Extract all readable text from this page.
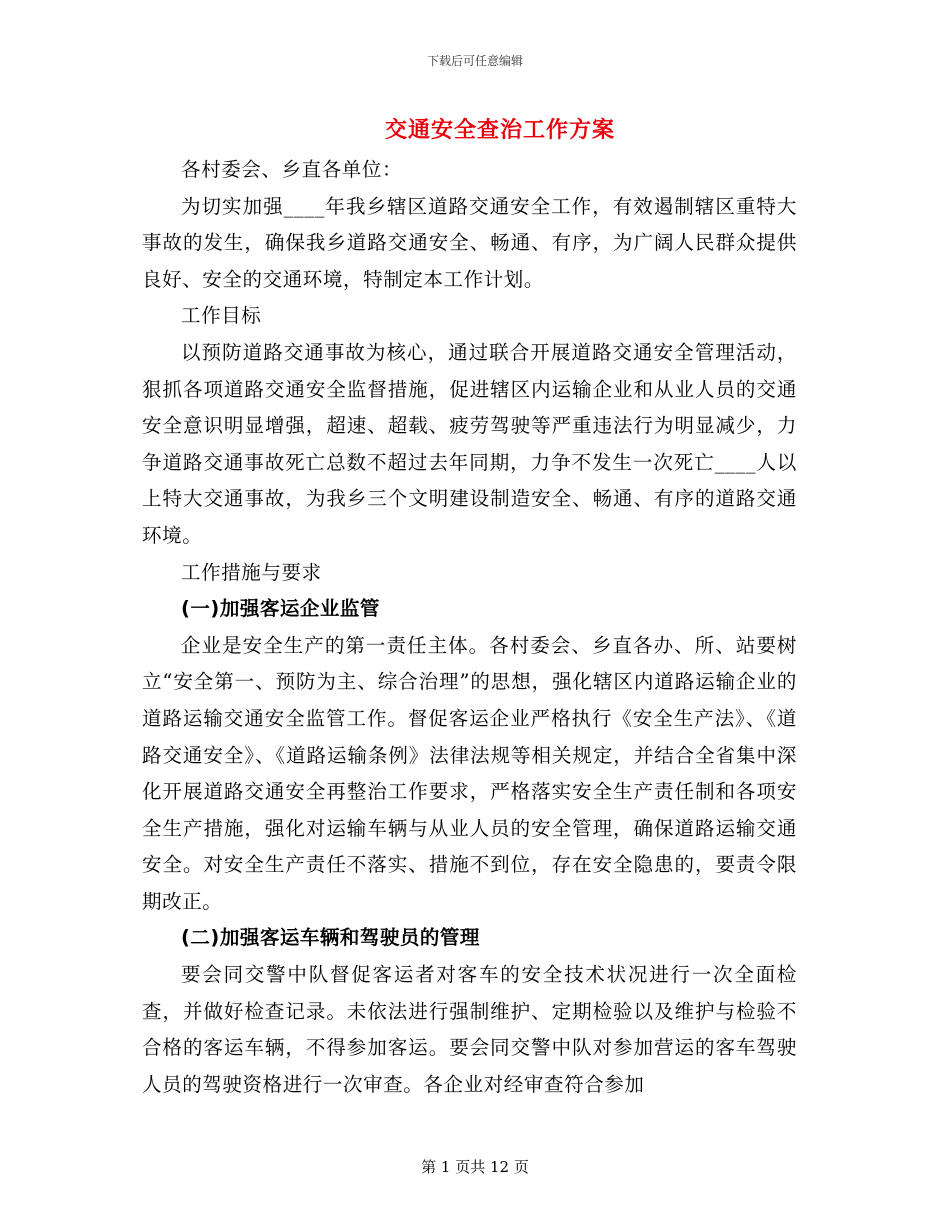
下载后可任意编辑
交通安全查治工作方案

各村委会、乡直各单位：

为切实加强____年我乡辖区道路交通安全工作，有效遏制辖区重特大事故的发生，确保我乡道路交通安全、畅通、有序，为广阔人民群众提供良好、安全的交通环境，特制定本工作计划。

工作目标

以预防道路交通事故为核心，通过联合开展道路交通安全管理活动，狠抓各项道路交通安全监督措施，促进辖区内运输企业和从业人员的交通安全意识明显增强，超速、超载、疲劳驾驶等严重违法行为明显减少，力争道路交通事故死亡总数不超过去年同期，力争不发生一次死亡____人以上特大交通事故，为我乡三个文明建设制造安全、畅通、有序的道路交通环境。

工作措施与要求

(一)加强客运企业监管

企业是安全生产的第一责任主体。各村委会、乡直各办、所、站要树立“安全第一、预防为主、综合治理”的思想，强化辖区内道路运输企业的道路运输交通安全监管工作。督促客运企业严格执行《安全生产法》、《道路交通安全》、《道路运输条例》法律法规等相关规定，并结合全省集中深化开展道路交通安全再整治工作要求，严格落实安全生产责任制和各项安全生产措施，强化对运输车辆与从业人员的安全管理，确保道路运输交通安全。对安全生产责任不落实、措施不到位，存在安全隐患的，要责令限期改正。

(二)加强客运车辆和驾驶员的管理

要会同交警中队督促客运者对客车的安全技术状况进行一次全面检查，并做好检查记录。未依法进行强制维护、定期检验以及维护与检验不合格的客运车辆，不得参加客运。要会同交警中队对参加营运的客车驾驶人员的驾驶资格进行一次审查。各企业对经审查符合参加

第 1 页共 12 页
